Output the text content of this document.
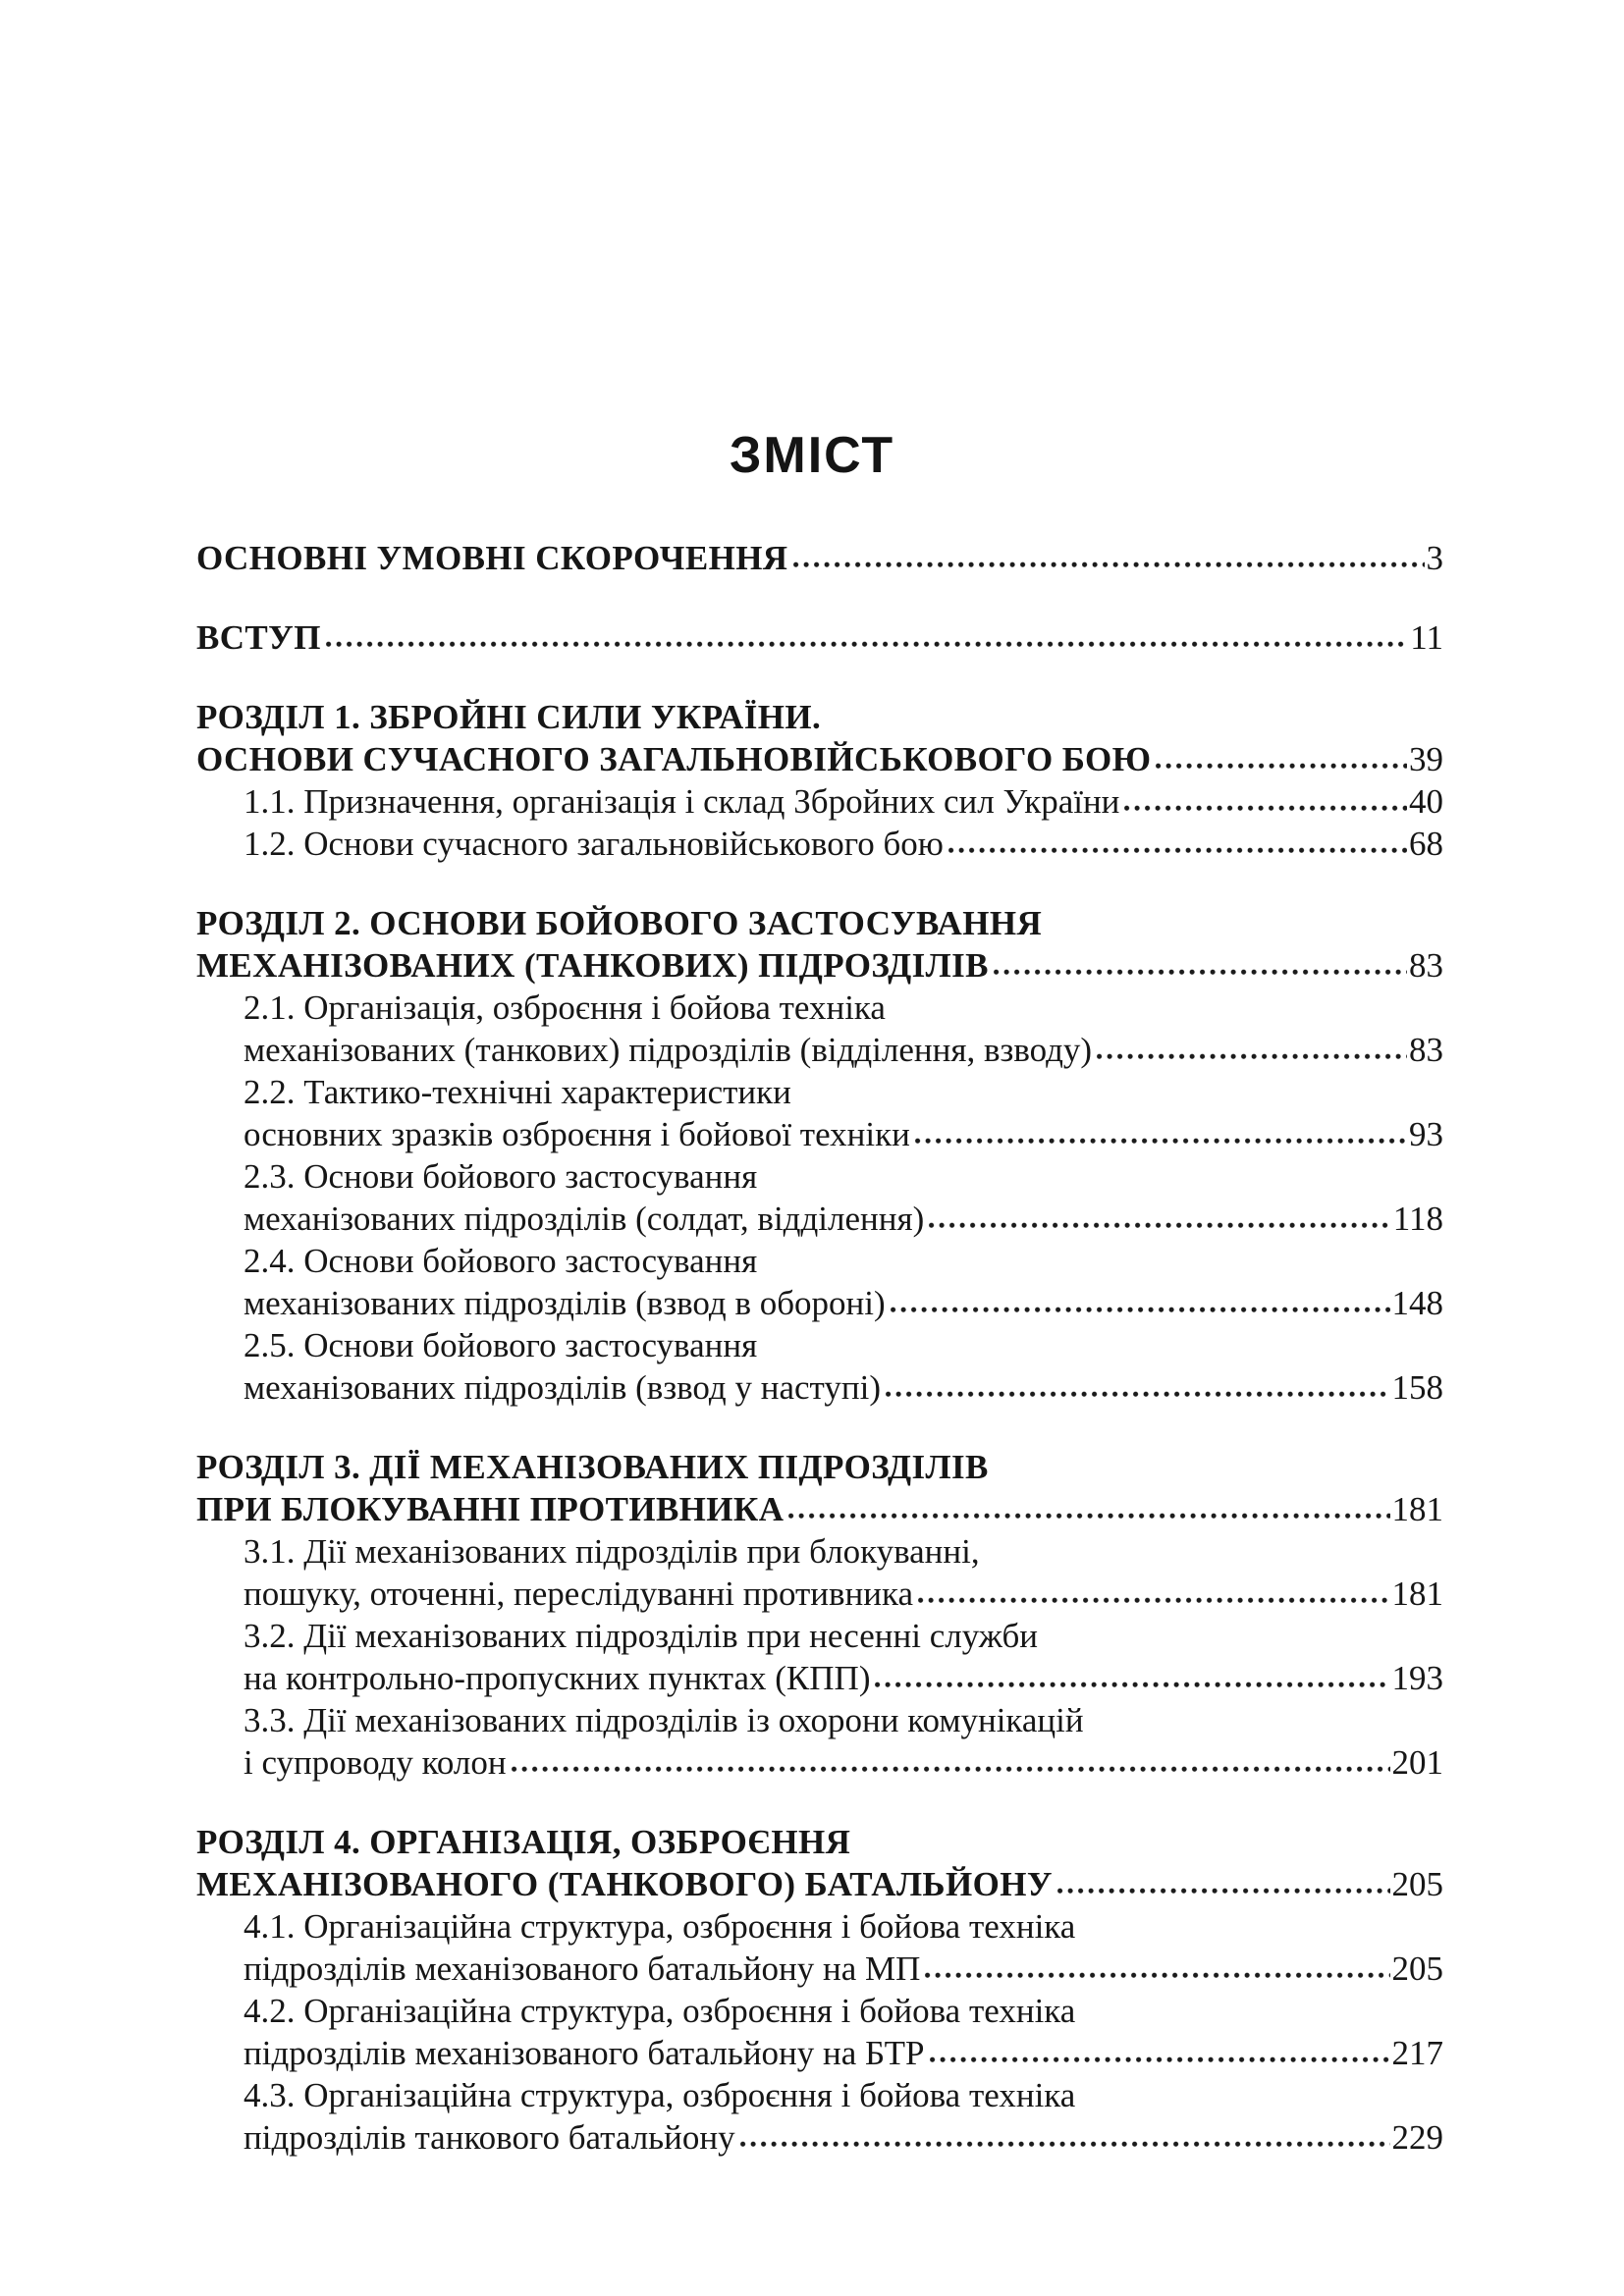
ЗМІСТ
ОСНОВНІ УМОВНІ СКОРОЧЕННЯ	3
ВСТУП	11
РОЗДІЛ 1. ЗБРОЙНІ СИЛИ УКРАЇНИ.
ОСНОВИ СУЧАСНОГО ЗАГАЛЬНОВІЙСЬКОВОГО БОЮ	39
1.1. Призначення, організація і склад Збройних сил України	40
1.2. Основи сучасного загальновійськового бою	68
РОЗДІЛ 2. ОСНОВИ БОЙОВОГО ЗАСТОСУВАННЯ
МЕХАНІЗОВАНИХ (ТАНКОВИХ) ПІДРОЗДІЛІВ	83
2.1. Організація, озброєння і бойова техніка
механізованих (танкових) підрозділів (відділення, взводу)	83
2.2. Тактико-технічні характеристики
основних зразків озброєння і бойової техніки	93
2.3. Основи бойового застосування
механізованих підрозділів (солдат, відділення)	118
2.4. Основи бойового застосування
механізованих підрозділів (взвод в обороні)	148
2.5. Основи бойового застосування
механізованих підрозділів (взвод у наступі)	158
РОЗДІЛ 3. ДІЇ МЕХАНІЗОВАНИХ ПІДРОЗДІЛІВ
ПРИ БЛОКУВАННІ ПРОТИВНИКА	181
3.1. Дії механізованих підрозділів при блокуванні,
пошуку, оточенні, переслідуванні противника	181
3.2. Дії механізованих підрозділів при несенні служби
на контрольно-пропускних пунктах (КПП)	193
3.3. Дії механізованих підрозділів із охорони комунікацій
і супроводу колон	201
РОЗДІЛ 4. ОРГАНІЗАЦІЯ, ОЗБРОЄННЯ
МЕХАНІЗОВАНОГО (ТАНКОВОГО) БАТАЛЬЙОНУ	205
4.1. Організаційна структура, озброєння і бойова техніка
підрозділів механізованого батальйону на МП	205
4.2. Організаційна структура, озброєння і бойова техніка
підрозділів механізованого батальйону на БТР	217
4.3. Організаційна структура, озброєння і бойова техніка
підрозділів танкового батальйону	229
